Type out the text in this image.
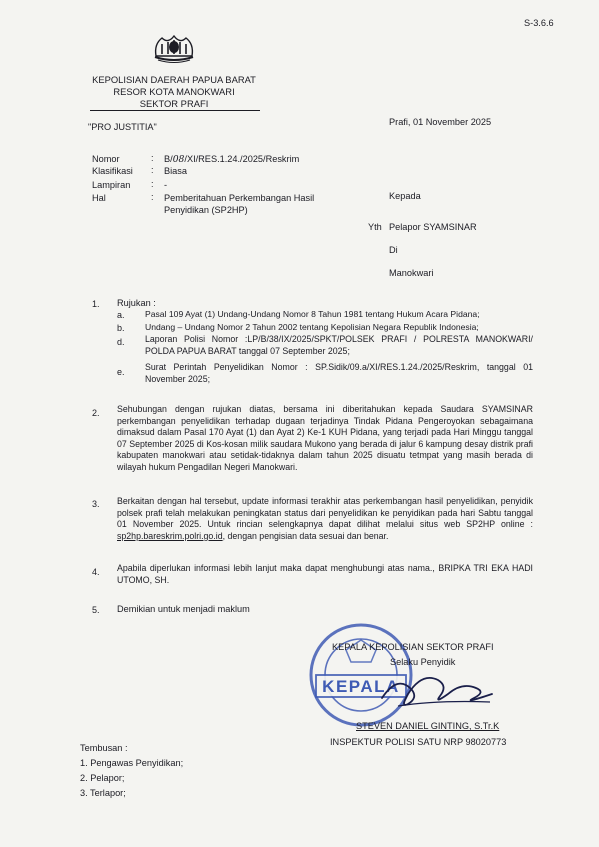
S-3.6.6
KEPOLISIAN DAERAH PAPUA BARAT
RESOR KOTA MANOKWARI
SEKTOR PRAFI
"PRO JUSTITIA"	Prafi, 01 November 2025
Nomor	: B/08/XI/RES.1.24./2025/Reskrim
Klasifikasi : Biasa
Lampiran : -
Hal	: Pemberitahuan Perkembangan Hasil
Penyidikan (SP2HP)
Kepada
Yth Pelapor SYAMSINAR
Di
Manokwari
1. Rujukan :
a. Pasal 109 Ayat (1) Undang-Undang Nomor 8 Tahun 1981 tentang Hukum Acara Pidana;
b. Undang – Undang Nomor 2 Tahun 2002 tentang Kepolisian Negara Republik Indonesia;
d. Laporan Polisi Nomor :LP/B/38/IX/2025/SPKT/POLSEK PRAFI / POLRESTA MANOKWARI/ POLDA PAPUA BARAT tanggal 07 September 2025;
e. Surat Perintah Penyelidikan Nomor : SP.Sidik/09.a/XI/RES.1.24./2025/Reskrim, tanggal 01 November 2025;
2. Sehubungan dengan rujukan diatas, bersama ini diberitahukan kepada Saudara SYAMSINAR perkembangan penyelidikan terhadap dugaan terjadinya Tindak Pidana Pengeroyokan sebagaimana dimaksud dalam Pasal 170 Ayat (1) dan Ayat 2) Ke-1 KUH Pidana, yang terjadi pada Hari Minggu tanggal 07 September 2025 di Kos-kosan milik saudara Mukono yang berada di jalur 6 kampung desay distrik prafi kabupaten manokwari atau setidak-tidaknya dalam tahun 2025 disuatu tetmpat yang masih berada di wilayah hukum Pengadilan Negeri Manokwari.
3. Berkaitan dengan hal tersebut, update informasi terakhir atas perkembangan hasil penyelidikan, penyidik polsek prafi telah melakukan peningkatan status dari penyelidikan ke penyidikan pada hari Sabtu tanggal 01 November 2025. Untuk rincian selengkapnya dapat dilihat melalui situs web SP2HP online : sp2hp.bareskrim.polri.go.id, dengan pengisian data sesuai dan benar.
4. Apabila diperlukan informasi lebih lanjut maka dapat menghubungi atas nama., BRIPKA TRI EKA HADI UTOMO, SH.
5. Demikian untuk menjadi maklum
KEPALA
KEPALA KEPOLISIAN SEKTOR PRAFI
Selaku Penyidik
STEVEN DANIEL GINTING, S.Tr.K
INSPEKTUR POLISI SATU NRP 98020773
Tembusan :
1. Pengawas Penyidikan;
2. Pelapor;
3. Terlapor;
